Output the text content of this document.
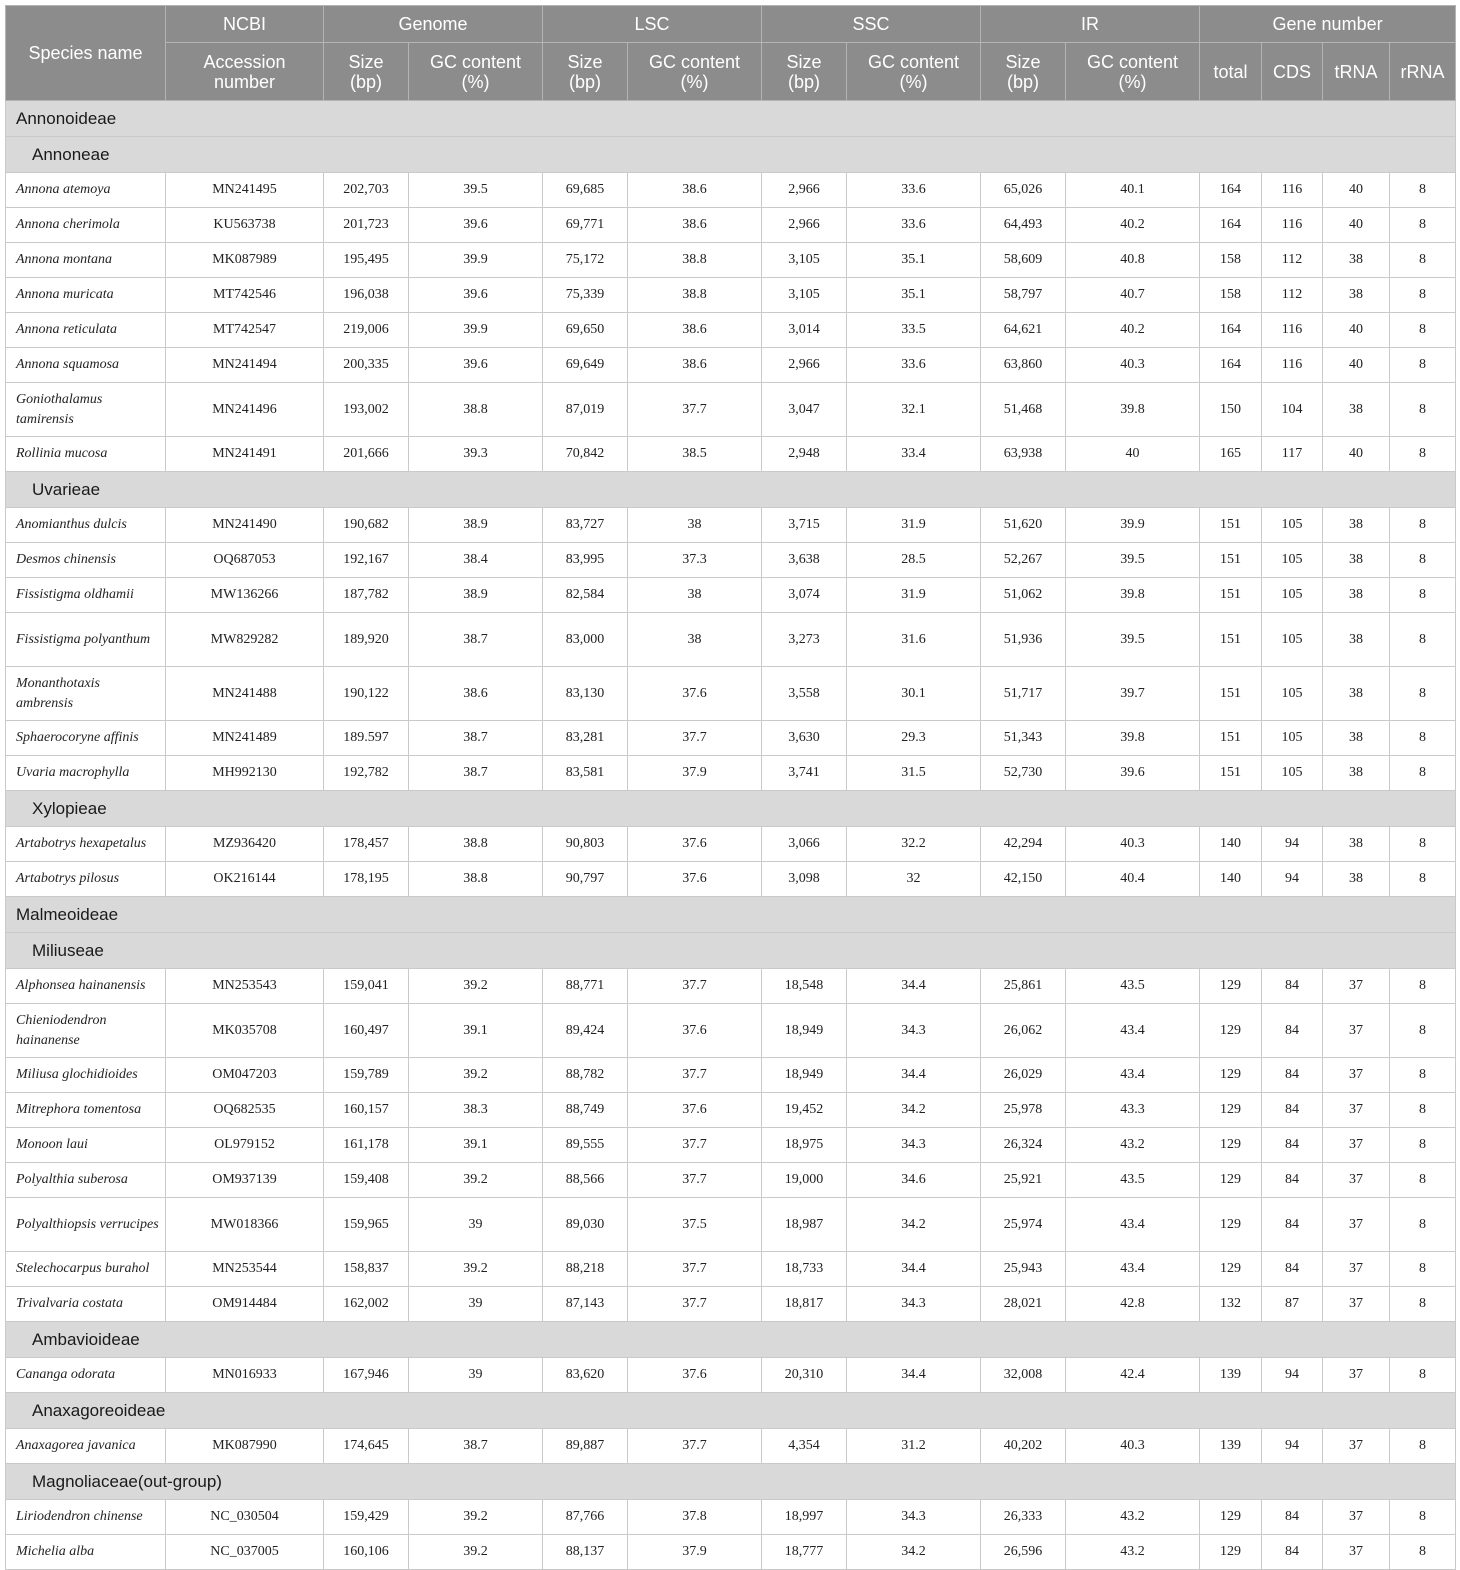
Species name	NCBI	Genome		LSC		SSC		IR		Gene number			
	Accession number	Size (bp)	GC content (%)	Size (bp)	GC content (%)	Size (bp)	GC content (%)	Size (bp)	GC content (%)	total	CDS	tRNA	rRNA
Annonoideae													
Annoneae													
Annona atemoya	MN241495	202,703	39.5	69,685	38.6	2,966	33.6	65,026	40.1	164	116	40	8
Annona cherimola	KU563738	201,723	39.6	69,771	38.6	2,966	33.6	64,493	40.2	164	116	40	8
Annona montana	MK087989	195,495	39.9	75,172	38.8	3,105	35.1	58,609	40.8	158	112	38	8
Annona muricata	MT742546	196,038	39.6	75,339	38.8	3,105	35.1	58,797	40.7	158	112	38	8
Annona reticulata	MT742547	219,006	39.9	69,650	38.6	3,014	33.5	64,621	40.2	164	116	40	8
Annona squamosa	MN241494	200,335	39.6	69,649	38.6	2,966	33.6	63,860	40.3	164	116	40	8
Goniothalamus tamirensis	MN241496	193,002	38.8	87,019	37.7	3,047	32.1	51,468	39.8	150	104	38	8
Rollinia mucosa	MN241491	201,666	39.3	70,842	38.5	2,948	33.4	63,938	40	165	117	40	8
Uvarieae													
Anomianthus dulcis	MN241490	190,682	38.9	83,727	38	3,715	31.9	51,620	39.9	151	105	38	8
Desmos chinensis	OQ687053	192,167	38.4	83,995	37.3	3,638	28.5	52,267	39.5	151	105	38	8
Fissistigma oldhamii	MW136266	187,782	38.9	82,584	38	3,074	31.9	51,062	39.8	151	105	38	8
Fissistigma polyanthum	MW829282	189,920	38.7	83,000	38	3,273	31.6	51,936	39.5	151	105	38	8
Monanthotaxis ambrensis	MN241488	190,122	38.6	83,130	37.6	3,558	30.1	51,717	39.7	151	105	38	8
Sphaerocoryne affinis	MN241489	189.597	38.7	83,281	37.7	3,630	29.3	51,343	39.8	151	105	38	8
Uvaria macrophylla	MH992130	192,782	38.7	83,581	37.9	3,741	31.5	52,730	39.6	151	105	38	8
Xylopieae													
Artabotrys hexapetalus	MZ936420	178,457	38.8	90,803	37.6	3,066	32.2	42,294	40.3	140	94	38	8
Artabotrys pilosus	OK216144	178,195	38.8	90,797	37.6	3,098	32	42,150	40.4	140	94	38	8
Malmeoideae													
Miliuseae													
Alphonsea hainanensis	MN253543	159,041	39.2	88,771	37.7	18,548	34.4	25,861	43.5	129	84	37	8
Chieniodendron hainanense	MK035708	160,497	39.1	89,424	37.6	18,949	34.3	26,062	43.4	129	84	37	8
Miliusa glochidioides	OM047203	159,789	39.2	88,782	37.7	18,949	34.4	26,029	43.4	129	84	37	8
Mitrephora tomentosa	OQ682535	160,157	38.3	88,749	37.6	19,452	34.2	25,978	43.3	129	84	37	8
Monoon laui	OL979152	161,178	39.1	89,555	37.7	18,975	34.3	26,324	43.2	129	84	37	8
Polyalthia suberosa	OM937139	159,408	39.2	88,566	37.7	19,000	34.6	25,921	43.5	129	84	37	8
Polyalthiopsis verrucipes	MW018366	159,965	39	89,030	37.5	18,987	34.2	25,974	43.4	129	84	37	8
Stelechocarpus burahol	MN253544	158,837	39.2	88,218	37.7	18,733	34.4	25,943	43.4	129	84	37	8
Trivalvaria costata	OM914484	162,002	39	87,143	37.7	18,817	34.3	28,021	42.8	132	87	37	8
Ambavioideae													
Cananga odorata	MN016933	167,946	39	83,620	37.6	20,310	34.4	32,008	42.4	139	94	37	8
Anaxagoreoideae													
Anaxagorea javanica	MK087990	174,645	38.7	89,887	37.7	4,354	31.2	40,202	40.3	139	94	37	8
Magnoliaceae(out-group)													
Liriodendron chinense	NC_030504	159,429	39.2	87,766	37.8	18,997	34.3	26,333	43.2	129	84	37	8
Michelia alba	NC_037005	160,106	39.2	88,137	37.9	18,777	34.2	26,596	43.2	129	84	37	8
